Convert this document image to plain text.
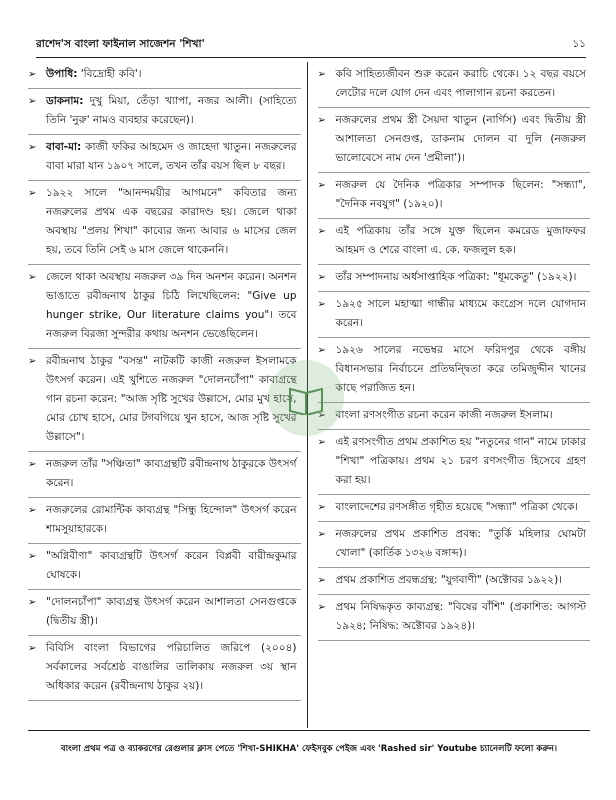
রাশেদ'স বাংলা ফাইনাল সাজেশন 'শিখা'	১১
➢ উপাধি: 'বিদ্রোহী কবি'।
➢ ডাকনাম: দুখু মিয়া, তেঁড়া খ্যাপা, নজর আলী। (সাহিত্যে তিনি 'নুরু' নামও ব্যবহার করেছেন)।
➢ বাবা-মা: কাজী ফকির আহমেদ ও জাহেদা খাতুন। নজরুলের বাবা মারা যান ১৯০৭ সালে, তখন তাঁর বয়স ছিল ৮ বছর।
➢ ১৯২২ সালে "আনন্দময়ীর আগমনে" কবিতার জন্য নজরুলের প্রথম এক বছরের কারাদণ্ড হয়। জেলে থাকা অবস্থায় "প্রলয় শিখা" কাব্যের জন্য আবার ৬ মাসের জেল হয়, তবে তিনি সেই ৬ মাস জেলে থাকেননি।
➢ জেলে থাকা অবস্থায় নজরুল ৩৯ দিন অনশন করেন। অনশন ভাঙাতে রবীন্দ্রনাথ ঠাকুর চিঠি লিখেছিলেন: "Give up hunger strike, Our literature claims you"। তবে নজরুল বিরজা সুন্দরীর কথায় অনশন ভেঙেছিলেন।
➢ রবীন্দ্রনাথ ঠাকুর "বসন্ত" নাটকটি কাজী নজরুল ইসলামকে উৎসর্গ করেন। এই খুশিতে নজরুল "দোলনচাঁপা" কাব্যগ্রন্থে গান রচনা করেন: "আজ সৃষ্টি সুখের উল্লাসে, মোর মুখ হাসে, মোর চোখ হাসে, মোর টগবগিয়ে খুন হাসে, আজ সৃষ্টি সুখের উল্লাসে"।
➢ নজরুল তাঁর "সঞ্চিতা" কাব্যগ্রন্থটি রবীন্দ্রনাথ ঠাকুরকে উৎসর্গ করেন।
➢ নজরুলের রোমান্টিক কাব্যগ্রন্থ "সিন্ধু হিন্দোল" উৎসর্গ করেন শামসুয়াহারকে।
➢ "অগ্নিবীণা" কাব্যগ্রন্থটি উৎসর্গ করেন বিপ্লবী বারীন্দ্রকুমার ঘোষকে।
➢ "দোলনচাঁপা" কাব্যগ্রন্থ উৎসর্গ করেন আশালতা সেনগুপ্তকে (দ্বিতীয় স্ত্রী)।
➢ বিবিসি বাংলা বিভাগের পরিচালিত জরিপে (২০০৪) সর্বকালের সর্বশ্রেষ্ঠ বাঙালির তালিকায় নজরুল ৩য় স্থান অধিকার করেন (রবীন্দ্রনাথ ঠাকুর ২য়)।
➢ কবি সাহিত্যজীবন শুরু করেন করাচি থেকে। ১২ বছর বয়সে লেটোর দলে যোগ দেন এবং পালাগান রচনা করতেন।
➢ নজরুলের প্রথম স্ত্রী সৈয়দা খাতুন (নার্গিস) এবং দ্বিতীয় স্ত্রী আশালতা সেনগুপ্ত, ডাকনাম দোলন বা দুলি (নজরুল ভালোবেসে নাম দেন 'প্রমীলা')।
➢ নজরুল যে দৈনিক পত্রিকার সম্পাদক ছিলেন: "সন্ধ্যা", "দৈনিক নবযুগ" (১৯২০)।
➢ এই পত্রিকায় তাঁর সঙ্গে যুক্ত ছিলেন কমরেড মুজাফফর আহমদ ও শেরে বাংলা এ. কে. ফজলুল হক।
➢ তাঁর সম্পাদনায় অর্ধসাপ্তাহিক পত্রিকা: "ধূমকেতু" (১৯২২)।
➢ ১৯২৫ সালে মহাত্মা গান্ধীর মাধ্যমে কংগ্রেস দলে যোগদান করেন।
➢ ১৯২৬ সালের নভেম্বর মাসে ফরিদপুর থেকে বঙ্গীয় বিধানসভার নির্বাচনে প্রতিদ্বন্দ্বিতা করে তমিজুদ্দীন খানের কাছে পরাজিত হন।
➢ বাংলা রণসংগীত রচনা করেন কাজী নজরুল ইসলাম।
➢ এই রণসংগীত প্রথম প্রকাশিত হয় "নতুনের গান" নামে ঢাকার "শিখা" পত্রিকায়। প্রথম ২১ চরণ রণসংগীত হিসেবে গ্রহণ করা হয়।
➢ বাংলাদেশের রণসঙ্গীত গৃহীত হয়েছে "সন্ধ্যা" পত্রিকা থেকে।
➢ নজরুলের প্রথম প্রকাশিত প্রবন্ধ: "তুর্কি মহিলার ঘোমটা খোলা" (কার্তিক ১৩২৬ বঙ্গাব্দ)।
➢ প্রথম প্রকাশিত প্রবন্ধগ্রন্থ: "যুগবাণী" (অক্টোবর ১৯২২)।
➢ প্রথম নিষিদ্ধকৃত কাব্যগ্রন্থ: "বিষের বাঁশি" (প্রকাশিত: আগস্ট ১৯২৪; নিষিদ্ধ: অক্টোবর ১৯২৪)।
বাংলা প্রথম পত্র ও ব্যাকরণের রেগুলার ক্লাস পেতে 'শিখা-SHIKHA' ফেইসবুক পেইজ এবং 'Rashed sir' Youtube চ্যানেলটি ফলো করুন।
